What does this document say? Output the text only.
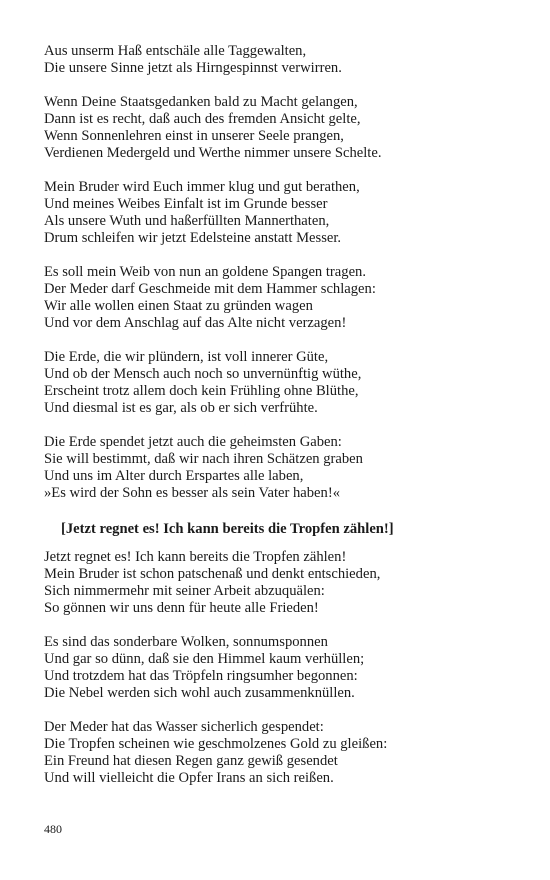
Aus unserm Haß entschäle alle Taggewalten,
Die unsere Sinne jetzt als Hirngespinnst verwirren.
Wenn Deine Staatsgedanken bald zu Macht gelangen,
Dann ist es recht, daß auch des fremden Ansicht gelte,
Wenn Sonnenlehren einst in unserer Seele prangen,
Verdienen Medergeld und Werthe nimmer unsere Schelte.
Mein Bruder wird Euch immer klug und gut berathen,
Und meines Weibes Einfalt ist im Grunde besser
Als unsere Wuth und haßerfüllten Mannerthaten,
Drum schleifen wir jetzt Edelsteine anstatt Messer.
Es soll mein Weib von nun an goldene Spangen tragen.
Der Meder darf Geschmeide mit dem Hammer schlagen:
Wir alle wollen einen Staat zu gründen wagen
Und vor dem Anschlag auf das Alte nicht verzagen!
Die Erde, die wir plündern, ist voll innerer Güte,
Und ob der Mensch auch noch so unvernünftig wüthe,
Erscheint trotz allem doch kein Frühling ohne Blüthe,
Und diesmal ist es gar, als ob er sich verfrühte.
Die Erde spendet jetzt auch die geheimsten Gaben:
Sie will bestimmt, daß wir nach ihren Schätzen graben
Und uns im Alter durch Erspartes alle laben,
»Es wird der Sohn es besser als sein Vater haben!«
[Jetzt regnet es! Ich kann bereits die Tropfen zählen!]
Jetzt regnet es! Ich kann bereits die Tropfen zählen!
Mein Bruder ist schon patschenaß und denkt entschieden,
Sich nimmermehr mit seiner Arbeit abzuquälen:
So gönnen wir uns denn für heute alle Frieden!
Es sind das sonderbare Wolken, sonnumsponnen
Und gar so dünn, daß sie den Himmel kaum verhüllen;
Und trotzdem hat das Tröpfeln ringsumher begonnen:
Die Nebel werden sich wohl auch zusammenknüllen.
Der Meder hat das Wasser sicherlich gespendet:
Die Tropfen scheinen wie geschmolzenes Gold zu gleißen:
Ein Freund hat diesen Regen ganz gewiß gesendet
Und will vielleicht die Opfer Irans an sich reißen.
480
